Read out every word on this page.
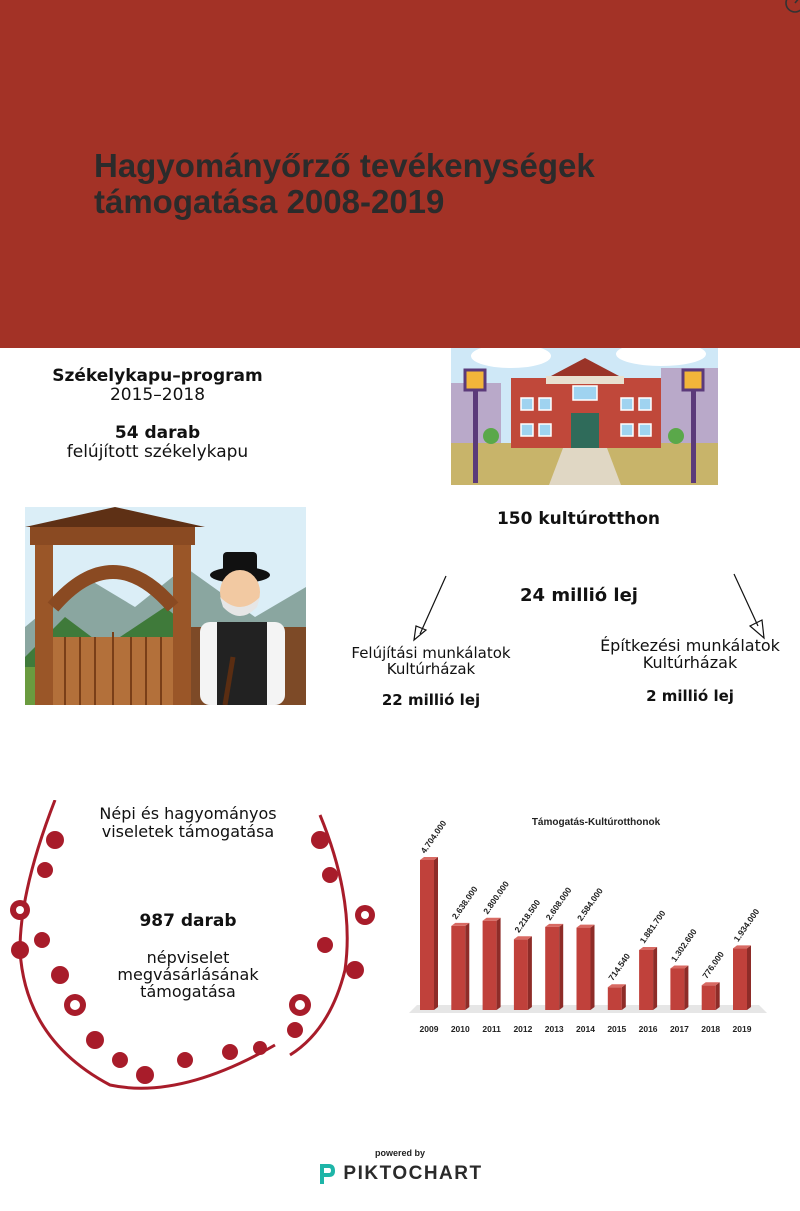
Hagyományőrző tevékenységek
támogatása 2008-2019
Székelykapu–program
2015–2018
54 darab
felújított székelykapu
150 kultúrotthon
24 millió lej
Felújítási munkálatok
Kultúrházak
22 millió lej
Építkezési munkálatok
Kultúrházak
2 millió lej
Népi és hagyományos
viseletek támogatása
987 darab
népviselet
megvásárlásának
támogatása
Támogatás-Kultúrotthonok
4.704.000
2.638.000 2.800.000
2.218.500 2.608.000 2.584.000
714.540
1.881.700
1.302.600
776.000
1.934.000
2009 2010 2011 2012 2013 2014 2015 2016 2017 2018 2019
powered by
PIKTOCHART
